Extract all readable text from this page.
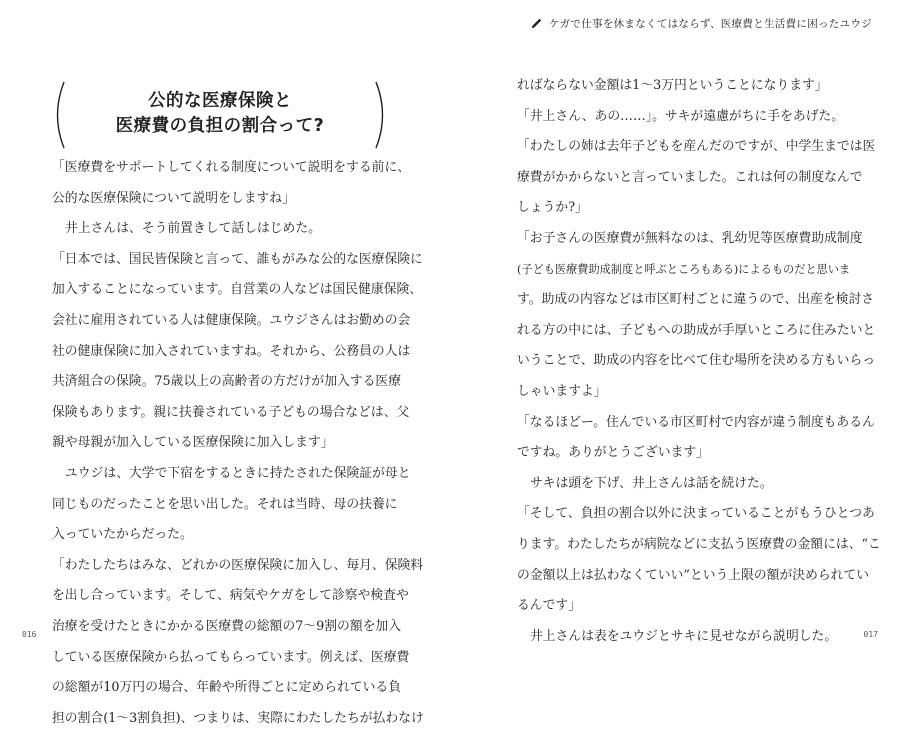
公的な医療保険と
医療費の負担の割合って?

「医療費をサポートしてくれる制度について説明をする前に、

公的な医療保険について説明をしますね」

井上さんは、そう前置きして話しはじめた。

「日本では、国民皆保険と言って、誰もがみな公的な医療保険に

加入することになっています。自営業の人などは国民健康保険、

会社に雇用されている人は健康保険。ユウジさんはお勤めの会

社の健康保険に加入されていますね。それから、公務員の人は

共済組合の保険。75歳以上の高齢者の方だけが加入する医療

保険もあります。親に扶養されている子どもの場合などは、父

親や母親が加入している医療保険に加入します」

ユウジは、大学で下宿をするときに持たされた保険証が母と

同じものだったことを思い出した。それは当時、母の扶養に

入っていたからだった。

「わたしたちはみな、どれかの医療保険に加入し、毎月、保険料

を出し合っています。そして、病気やケガをして診察や検査や

治療を受けたときにかかる医療費の総額の7〜9割の額を加入

している医療保険から払ってもらっています。例えば、医療費

の総額が10万円の場合、年齢や所得ごとに定められている負

担の割合(1〜3割負担)、つまりは、実際にわたしたちが払わなけ

016
ケガで仕事を休まなくてはならず、医療費と生活費に困ったユウジ

ればならない金額は1〜3万円ということになります」

「井上さん、あの……」。サキが遠慮がちに手をあげた。

「わたしの姉は去年子どもを産んだのですが、中学生までは医

療費がかからないと言っていました。これは何の制度なんで

しょうか?」

「お子さんの医療費が無料なのは、乳幼児等医療費助成制度

(子ども医療費助成制度と呼ぶところもある)によるものだと思いま

す。助成の内容などは市区町村ごとに違うので、出産を検討さ

れる方の中には、子どもへの助成が手厚いところに住みたいと

いうことで、助成の内容を比べて住む場所を決める方もいらっ

しゃいますよ」

「なるほどー。住んでいる市区町村で内容が違う制度もあるん

ですね。ありがとうございます」

サキは頭を下げ、井上さんは話を続けた。

「そして、負担の割合以外に決まっていることがもうひとつあ

ります。わたしたちが病院などに支払う医療費の金額には、“こ

の金額以上は払わなくていい”という上限の額が決められてい

るんです」

井上さんは表をユウジとサキに見せながら説明した。	017
